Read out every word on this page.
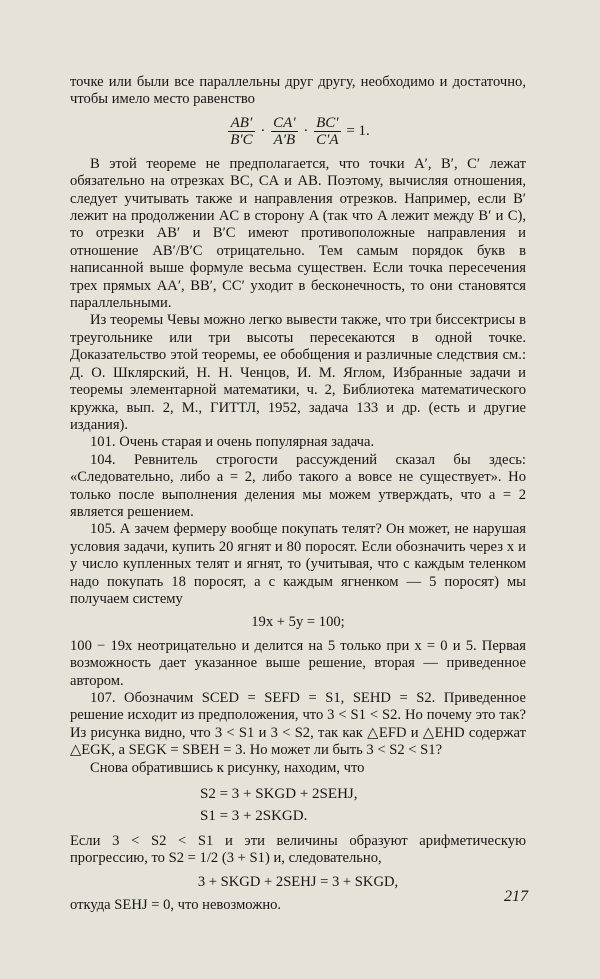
точке или были все параллельны друг другу, необходимо и достаточно, чтобы имело место равенство

$\frac{AB'}{B'C} \cdot \frac{CA'}{A'B} \cdot \frac{BC'}{C'A} = 1$.

В этой теореме не предполагается, что точки A′, B′, C′ лежат обязательно на отрезках BC, CA и AB. Поэтому, вычисляя отношения, следует учитывать также и направления отрезков. Например, если B′ лежит на продолжении AC в сторону A (так что A лежит между B′ и C), то отрезки AB′ и B′C имеют противоположные направления и отношение AB′/B′C отрицательно. Тем самым порядок букв в написанной выше формуле весьма существен. Если точка пересечения трех прямых AA′, BB′, CC′ уходит в бесконечность, то они становятся параллельными.

Из теоремы Чевы можно легко вывести также, что три биссектрисы в треугольнике или три высоты пересекаются в одной точке. Доказательство этой теоремы, ее обобщения и различные следствия см.: Д. О. Шклярский, Н. Н. Ченцов, И. М. Яглом, Избранные задачи и теоремы элементарной математики, ч. 2, Библиотека математического кружка, вып. 2, М., ГИТТЛ, 1952, задача 133 и др. (есть и другие издания).

101. Очень старая и очень популярная задача.

104. Ревнитель строгости рассуждений сказал бы здесь: «Следовательно, либо a = 2, либо такого a вовсе не существует». Но только после выполнения деления мы можем утверждать, что a = 2 является решением.

105. А зачем фермеру вообще покупать телят? Он может, не нарушая условия задачи, купить 20 ягнят и 80 поросят. Если обозначить через x и y число купленных телят и ягнят, то (учитывая, что с каждым теленком надо покупать 18 поросят, а с каждым ягненком — 5 поросят) мы получаем систему

19x + 5y = 100;

100 − 19x неотрицательно и делится на 5 только при x = 0 и 5. Первая возможность дает указанное выше решение, вторая — приведенное автором.

107. Обозначим SCED = SEFD = S1, SEHD = S2. Приведенное решение исходит из предположения, что 3 < S1 < S2. Но почему это так? Из рисунка видно, что 3 < S1 и 3 < S2, так как △EFD и △EHD содержат △EGK, а SEGK = SBEH = 3. Но может ли быть 3 < S2 < S1?

Снова обратившись к рисунку, находим, что

S2 = 3 + SKGD + 2SEHJ,
S1 = 3 + 2SKGD.

Если 3 < S2 < S1 и эти величины образуют арифметическую прогрессию, то S2 = 1/2 (3 + S1) и, следовательно,

3 + SKGD + 2SEHJ = 3 + SKGD,

откуда SEHJ = 0, что невозможно.

217
